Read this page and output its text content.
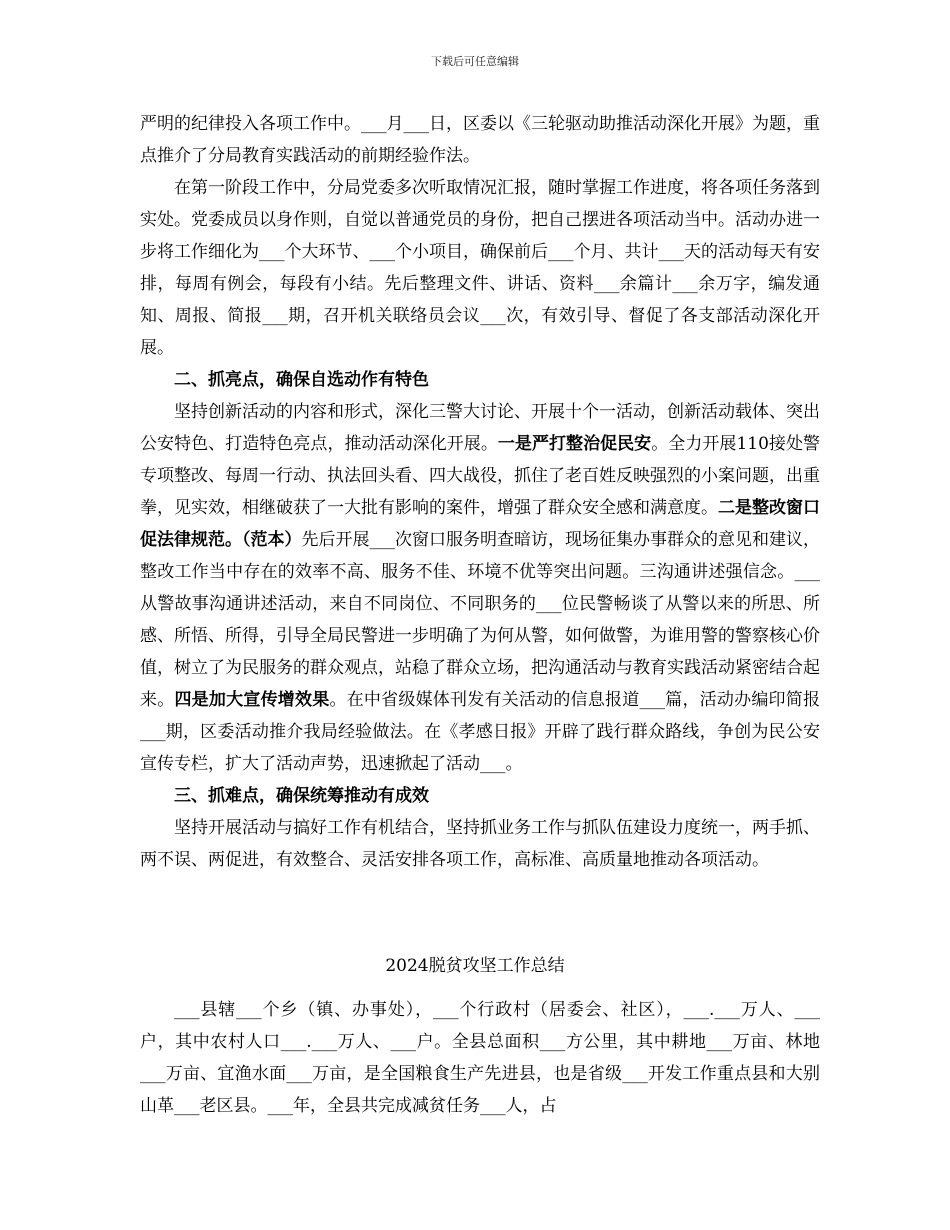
下载后可任意编辑

严明的纪律投入各项工作中。___月___日，区委以《三轮驱动助推活动深化开展》为题，重点推介了分局教育实践活动的前期经验作法。

在第一阶段工作中，分局党委多次听取情况汇报，随时掌握工作进度，将各项任务落到实处。党委成员以身作则，自觉以普通党员的身份，把自己摆进各项活动当中。活动办进一步将工作细化为___个大环节、___个小项目，确保前后___个月、共计___天的活动每天有安排，每周有例会，每段有小结。先后整理文件、讲话、资料___余篇计___余万字，编发通知、周报、简报___期，召开机关联络员会议___次，有效引导、督促了各支部活动深化开展。

二、抓亮点，确保自选动作有特色

坚持创新活动的内容和形式，深化三警大讨论、开展十个一活动，创新活动载体、突出公安特色、打造特色亮点，推动活动深化开展。一是严打整治促民安。全力开展110接处警专项整改、每周一行动、执法回头看、四大战役，抓住了老百姓反映强烈的小案问题，出重拳，见实效，相继破获了一大批有影响的案件，增强了群众安全感和满意度。二是整改窗口促法律规范。（范本）先后开展___次窗口服务明查暗访，现场征集办事群众的意见和建议，整改工作当中存在的效率不高、服务不佳、环境不优等突出问题。三沟通讲述强信念。___从警故事沟通讲述活动，来自不同岗位、不同职务的___位民警畅谈了从警以来的所思、所感、所悟、所得，引导全局民警进一步明确了为何从警，如何做警，为谁用警的警察核心价值，树立了为民服务的群众观点，站稳了群众立场，把沟通活动与教育实践活动紧密结合起来。四是加大宣传增效果。在中省级媒体刊发有关活动的信息报道___篇，活动办编印简报___期，区委活动推介我局经验做法。在《孝感日报》开辟了践行群众路线，争创为民公安宣传专栏，扩大了活动声势，迅速掀起了活动___。

三、抓难点，确保统筹推动有成效

坚持开展活动与搞好工作有机结合，坚持抓业务工作与抓队伍建设力度统一，两手抓、两不误、两促进，有效整合、灵活安排各项工作，高标准、高质量地推动各项活动。

2024脱贫攻坚工作总结

___县辖___个乡（镇、办事处），___个行政村（居委会、社区），___.___万人、___户，其中农村人口___.___万人、___户。全县总面积___方公里，其中耕地___万亩、林地___万亩、宜渔水面___万亩，是全国粮食生产先进县，也是省级___开发工作重点县和大别山革___老区县。___年，全县共完成减贫任务___人，占
